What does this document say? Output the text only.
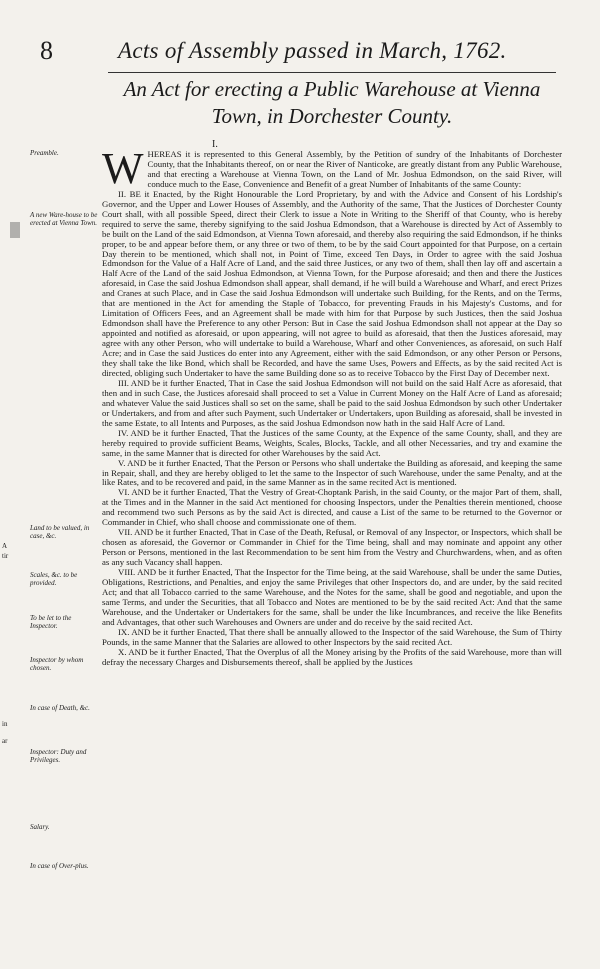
8	Acts of Assembly passed in March, 1762.
An Act for erecting a Public Warehouse at Vienna Town, in Dorchester County.
Preamble.
A new Ware-house to be erected at Vienna Town.
Land to be valued, in case, &c.
Scales, &c. to be provided.
To be let to the Inspector.
Inspector by whom chosen.
In case of Death, &c.
Inspector: Duty and Privileges.
Salary.
In case of Over-plus.
A
tir
in
ar
I.

WHEREAS it is represented to this General Assembly, by the Petition of sundry of the Inhabitants of Dorchester County, that the Inhabitants thereof, on or near the River of Nanticoke, are greatly distant from any Public Warehouse, and that erecting a Warehouse at Vienna Town, on the Land of Mr. Joshua Edmondson, on the said River, will conduce much to the Ease, Convenience and Benefit of a great Number of Inhabitants of the same County:

II. BE it Enacted, by the Right Honourable the Lord Proprietary, by and with the Advice and Consent of his Lordship's Governor, and the Upper and Lower Houses of Assembly, and the Authority of the same, That the Justices of Dorchester County Court shall, with all possible Speed, direct their Clerk to issue a Note in Writing to the Sheriff of that County, who is hereby required to serve the same, thereby signifying to the said Joshua Edmondson, that a Warehouse is directed by Act of Assembly to be built on the Land of the said Edmondson, at Vienna Town aforesaid, and thereby also requiring the said Edmondson, if he thinks proper, to be and appear before them, or any three or two of them, to be by the said Court appointed for that Purpose, on a certain Day therein to be mentioned, which shall not, in Point of Time, exceed Ten Days, in Order to agree with the said Joshua Edmondson for the Value of a Half Acre of Land, and the said three Justices, or any two of them, shall then lay off and ascertain a Half Acre of the Land of the said Joshua Edmondson, at Vienna Town, for the Purpose aforesaid; and then and there the Justices aforesaid, in Case the said Joshua Edmondson shall appear, shall demand, if he will build a Warehouse and Wharf, and erect Prizes and Cranes at such Place, and in Case the said Joshua Edmondson will undertake such Building, for the Rents, and on the Terms, that are mentioned in the Act for amending the Staple of Tobacco, for preventing Frauds in his Majesty's Customs, and for Limitation of Officers Fees, and an Agreement shall be made with him for that Purpose by such Justices, then the said Joshua Edmondson shall have the Preference to any other Person: But in Case the said Joshua Edmondson shall not appear at the Day so appointed and notified as aforesaid, or upon appearing, will not agree to build as aforesaid, that then the Justices aforesaid, may agree with any other Person, who will undertake to build a Warehouse, Wharf and other Conveniences, as aforesaid, on such Half Acre; and in Case the said Justices do enter into any Agreement, either with the said Edmondson, or any other Person or Persons, they shall take the like Bond, which shall be Recorded, and have the same Uses, Powers and Effects, as by the said recited Act is directed, obliging such Undertaker to have the same Building done so as to receive Tobacco by the First Day of December next.

III. AND be it further Enacted, That in Case the said Joshua Edmondson will not build on the said Half Acre as aforesaid, that then and in such Case, the Justices aforesaid shall proceed to set a Value in Current Money on the Half Acre of Land as aforesaid; and whatever Value the said Justices shall so set on the same, shall be paid to the said Joshua Edmondson by such other Undertaker or Undertakers, and from and after such Payment, such Undertaker or Undertakers, upon Building as aforesaid, shall be invested in the same Estate, to all Intents and Purposes, as the said Joshua Edmondson now hath in the said Half Acre of Land.

IV. AND be it further Enacted, That the Justices of the same County, at the Expence of the same County, shall, and they are hereby required to provide sufficient Beams, Weights, Scales, Blocks, Tackle, and all other Necessaries, and try and examine the same, in the same Manner that is directed for other Warehouses by the said Act.

V. AND be it further Enacted, That the Person or Persons who shall undertake the Building as aforesaid, and keeping the same in Repair, shall, and they are hereby obliged to let the same to the Inspector of such Warehouse, under the same Penalty, and at the like Rates, and to be recovered and paid, in the same Manner as in the same recited Act is mentioned.

VI. AND be it further Enacted, That the Vestry of Great-Choptank Parish, in the said County, or the major Part of them, shall, at the Times and in the Manner in the said Act mentioned for choosing Inspectors, under the Penalties therein mentioned, choose and recommend two such Persons as by the said Act is directed, and cause a List of the same to be returned to the Governor or Commander in Chief, who shall choose and commissionate one of them.

VII. AND be it further Enacted, That in Case of the Death, Refusal, or Removal of any Inspector, or Inspectors, which shall be chosen as aforesaid, the Governor or Commander in Chief for the Time being, shall and may nominate and appoint any other Person or Persons, mentioned in the last Recommendation to be sent him from the Vestry and Churchwardens, when, and as often as any such Vacancy shall happen.

VIII. AND be it further Enacted, That the Inspector for the Time being, at the said Warehouse, shall be under the same Duties, Obligations, Restrictions, and Penalties, and enjoy the same Privileges that other Inspectors do, and are under, by the said recited Act; and that all Tobacco carried to the same Warehouse, and the Notes for the same, shall be good and negotiable, and upon the same Terms, and under the Securities, that all Tobacco and Notes are mentioned to be by the said recited Act: And that the same Warehouse, and the Undertaker or Undertakers for the same, shall be under the like Incumbrances, and receive the like Benefits and Advantages, that other such Warehouses and Owners are under and do receive by the said recited Act.

IX. AND be it further Enacted, That there shall be annually allowed to the Inspector of the said Warehouse, the Sum of Thirty Pounds, in the same Manner that the Salaries are allowed to other Inspectors by the said recited Act.

X. AND be it further Enacted, That the Overplus of all the Money arising by the Profits of the said Warehouse, more than will defray the necessary Charges and Disbursements thereof, shall be applied by the Justices
